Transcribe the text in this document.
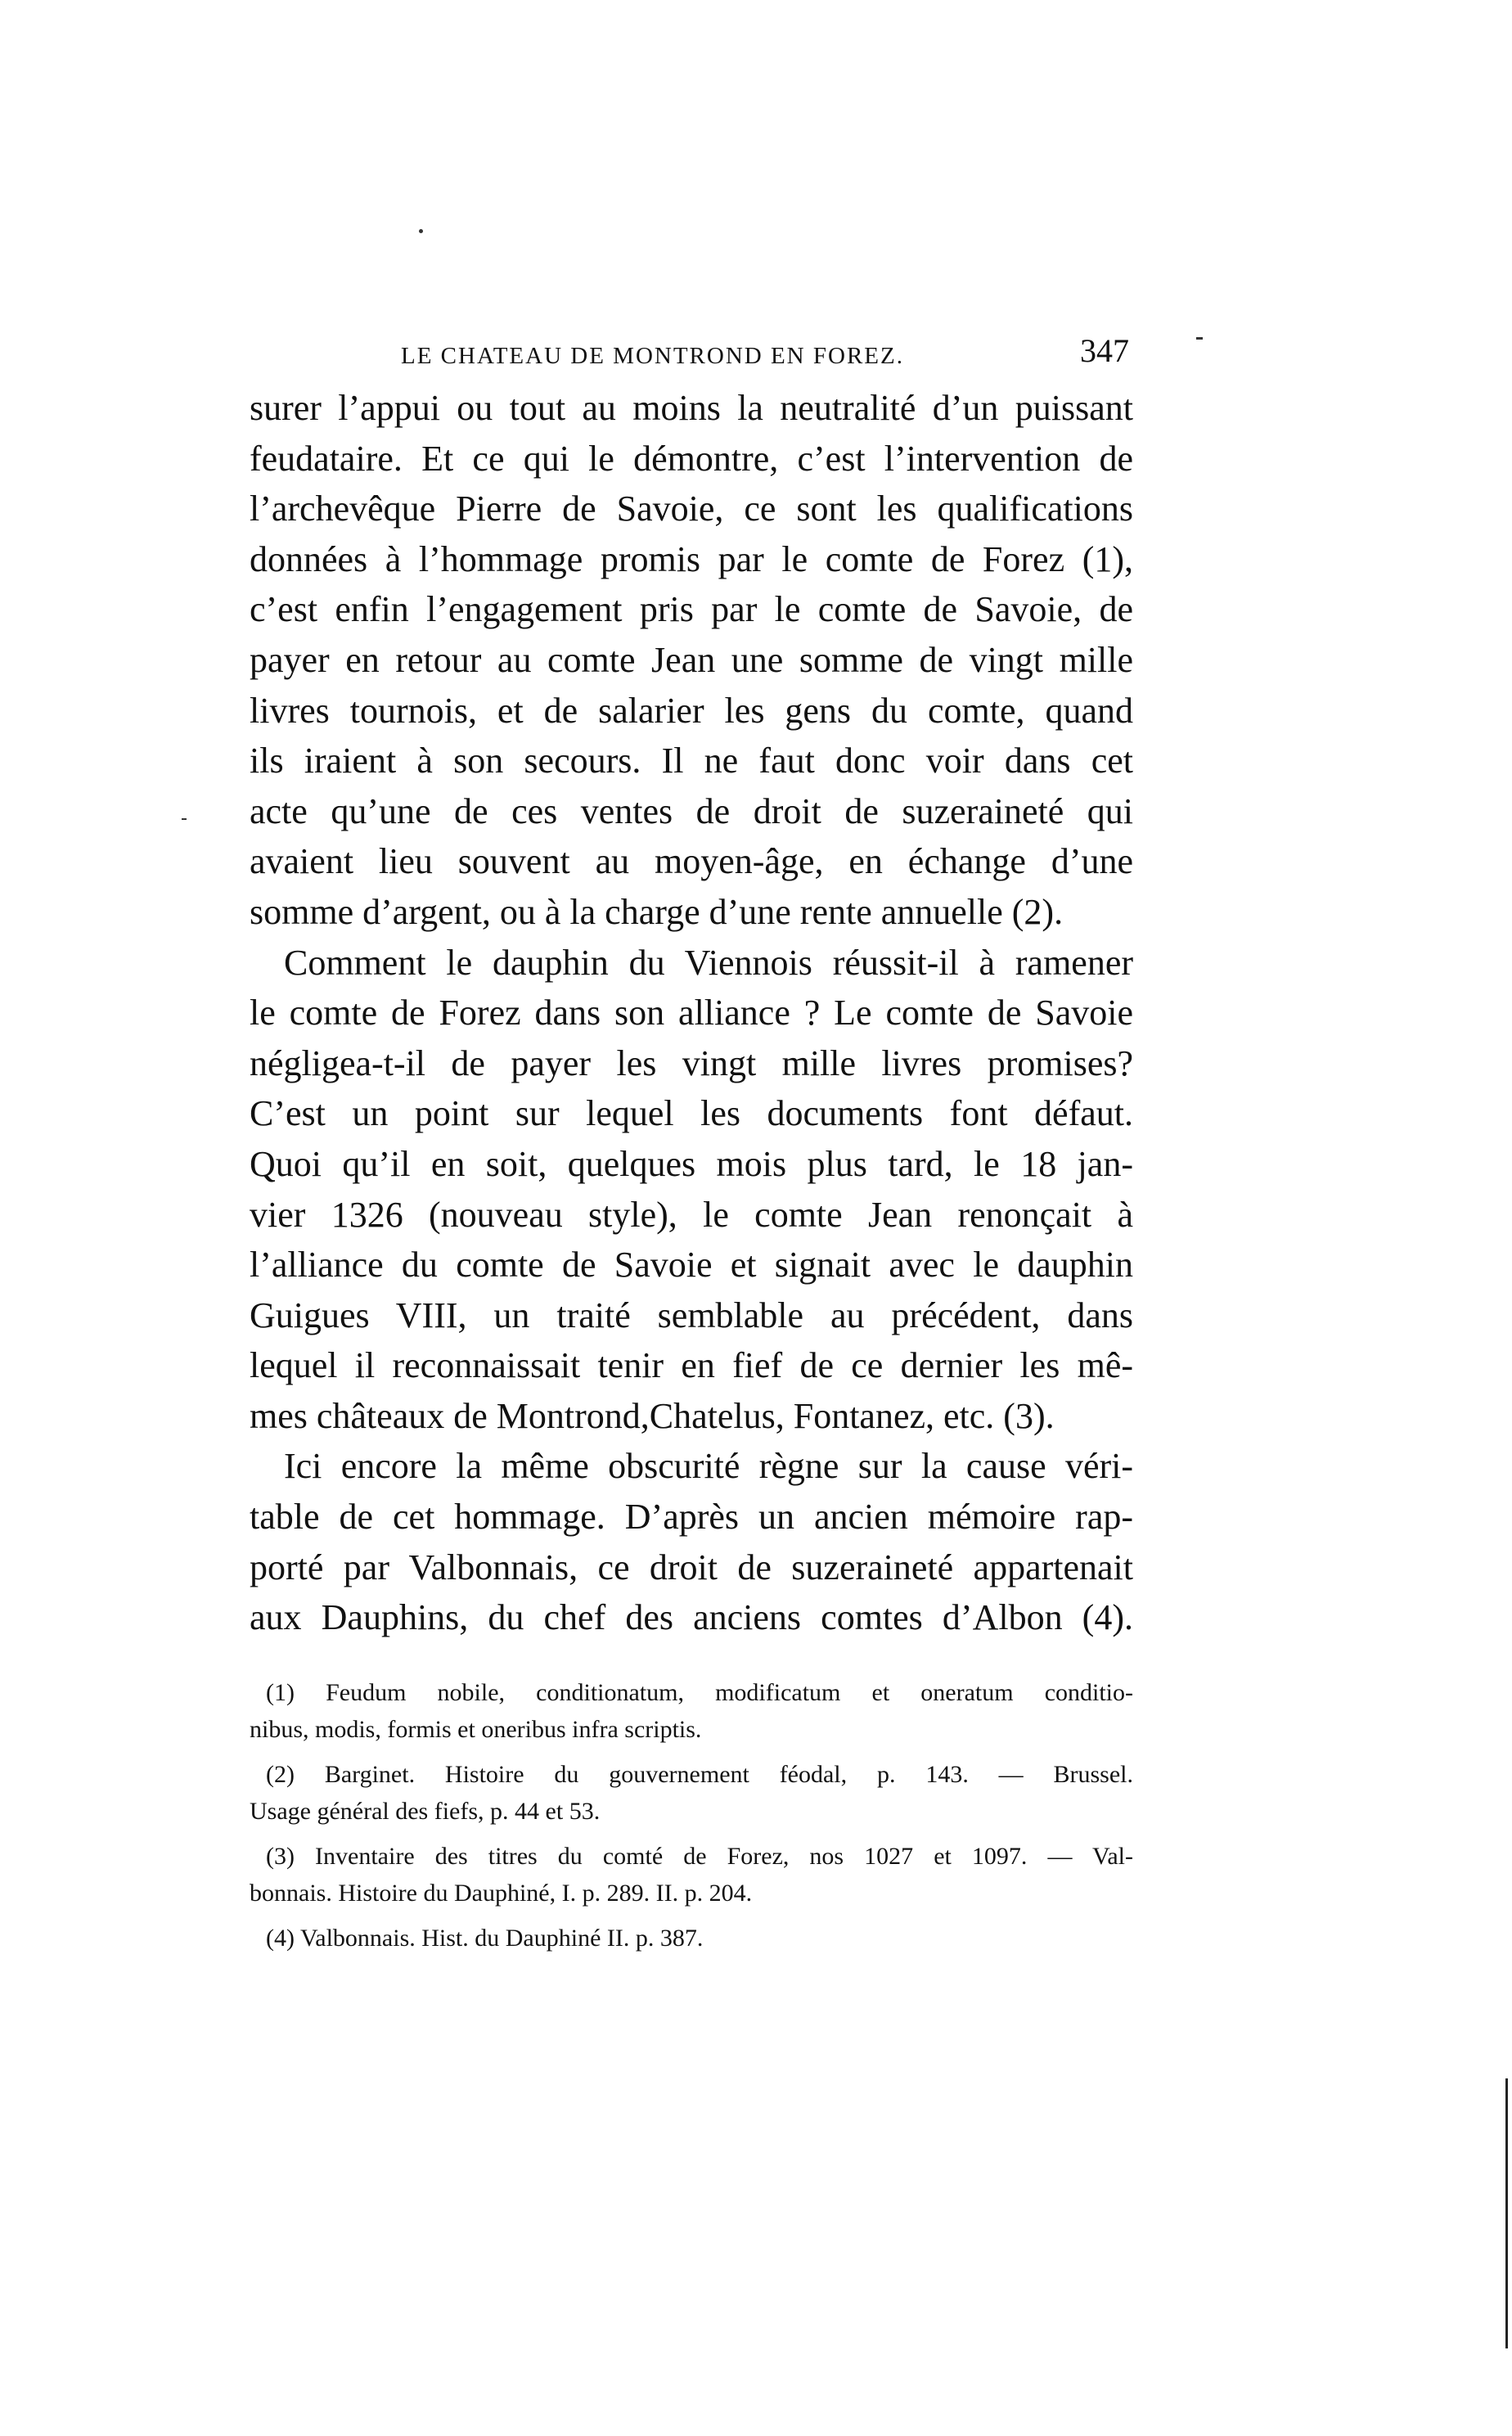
LE CHATEAU DE MONTROND EN FOREZ.	347
surer l’appui ou tout au moins la neutralité d’un puissant
feudataire. Et ce qui le démontre, c’est l’intervention de
l’archevêque Pierre de Savoie, ce sont les qualifications
données à l’hommage promis par le comte de Forez (1),
c’est enfin l’engagement pris par le comte de Savoie, de
payer en retour au comte Jean une somme de vingt mille
livres tournois, et de salarier les gens du comte, quand
ils iraient à son secours. Il ne faut donc voir dans cet
acte qu’une de ces ventes de droit de suzeraineté qui
avaient lieu souvent au moyen-âge, en échange d’une
somme d’argent, ou à la charge d’une rente annuelle (2).
Comment le dauphin du Viennois réussit-il à ramener
le comte de Forez dans son alliance ? Le comte de Savoie
négligea-t-il de payer les vingt mille livres promises?
C’est un point sur lequel les documents font défaut.
Quoi qu’il en soit, quelques mois plus tard, le 18 jan-
vier 1326 (nouveau style), le comte Jean renonçait à
l’alliance du comte de Savoie et signait avec le dauphin
Guigues VIII, un traité semblable au précédent, dans
lequel il reconnaissait tenir en fief de ce dernier les mê-
mes châteaux de Montrond,Chatelus, Fontanez, etc. (3).
Ici encore la même obscurité règne sur la cause véri-
table de cet hommage. D’après un ancien mémoire rap-
porté par Valbonnais, ce droit de suzeraineté appartenait
aux Dauphins, du chef des anciens comtes d’Albon (4).
(1) Feudum nobile, conditionatum, modificatum et oneratum conditio-
nibus, modis, formis et oneribus infra scriptis.
(2) Barginet. Histoire du gouvernement féodal, p. 143. — Brussel.
Usage général des fiefs, p. 44 et 53.
(3) Inventaire des titres du comté de Forez, nos 1027 et 1097. — Val-
bonnais. Histoire du Dauphiné, I. p. 289. II. p. 204.
(4) Valbonnais. Hist. du Dauphiné II. p. 387.
